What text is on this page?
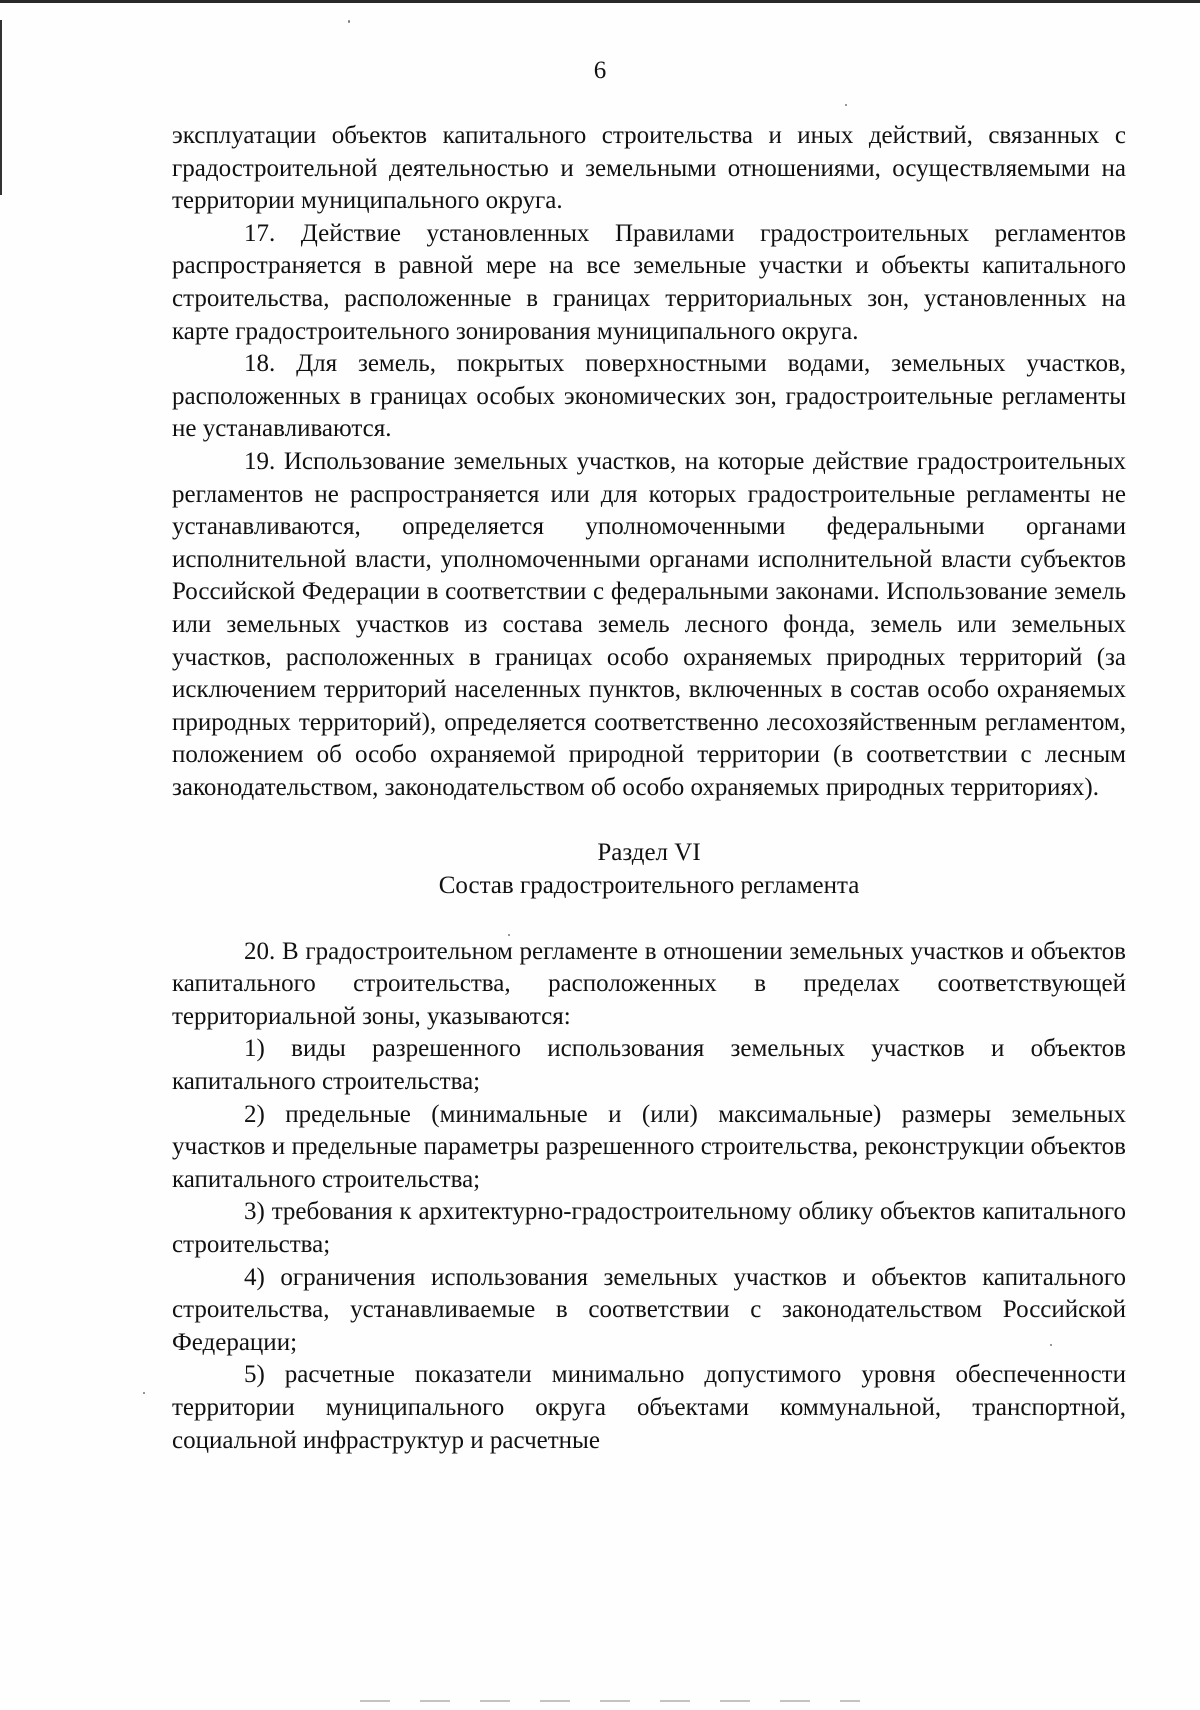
6

эксплуатации объектов капитального строительства и иных действий, связанных с градостроительной деятельностью и земельными отношениями, осуществляемыми на территории муниципального округа.

17. Действие установленных Правилами градостроительных регламентов распространяется в равной мере на все земельные участки и объекты капитального строительства, расположенные в границах территориальных зон, установленных на карте градостроительного зонирования муниципального округа.

18. Для земель, покрытых поверхностными водами, земельных участков, расположенных в границах особых экономических зон, градостроительные регламенты не устанавливаются.

19. Использование земельных участков, на которые действие градостроительных регламентов не распространяется или для которых градостроительные регламенты не устанавливаются, определяется уполномоченными федеральными органами исполнительной власти, уполномоченными органами исполнительной власти субъектов Российской Федерации в соответствии с федеральными законами. Использование земель или земельных участков из состава земель лесного фонда, земель или земельных участков, расположенных в границах особо охраняемых природных территорий (за исключением территорий населенных пунктов, включенных в состав особо охраняемых природных территорий), определяется соответственно лесохозяйственным регламентом, положением об особо охраняемой природной территории (в соответствии с лесным законодательством, законодательством об особо охраняемых природных территориях).

Раздел VI

Состав градостроительного регламента

20. В градостроительном регламенте в отношении земельных участков и объектов капитального строительства, расположенных в пределах соответствующей территориальной зоны, указываются:

1) виды разрешенного использования земельных участков и объектов капитального строительства;

2) предельные (минимальные и (или) максимальные) размеры земельных участков и предельные параметры разрешенного строительства, реконструкции объектов капитального строительства;

3) требования к архитектурно-градостроительному облику объектов капитального строительства;

4) ограничения использования земельных участков и объектов капитального строительства, устанавливаемые в соответствии с законодательством Российской Федерации;

5) расчетные показатели минимально допустимого уровня обеспеченности территории муниципального округа объектами коммунальной, транспортной, социальной инфраструктур и расчетные
